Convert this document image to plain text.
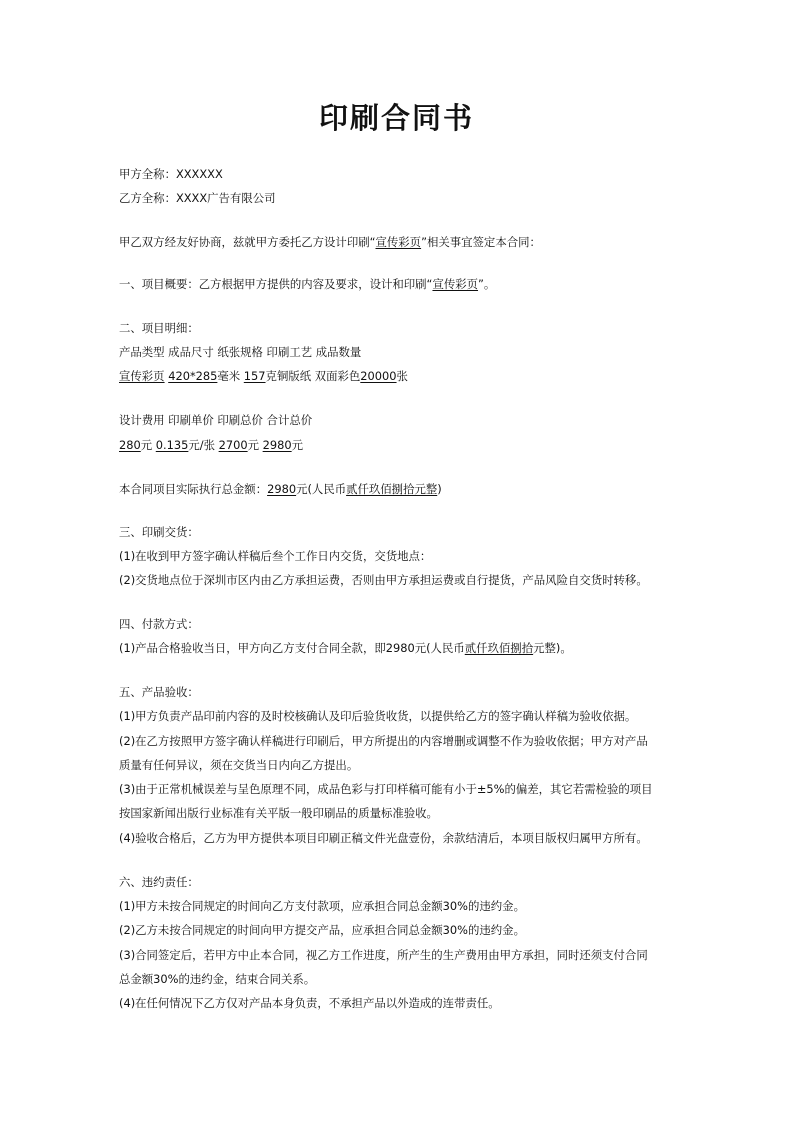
印刷合同书
甲方全称：XXXXXX
乙方全称：XXXX广告有限公司
甲乙双方经友好协商，兹就甲方委托乙方设计印刷“宣传彩页”相关事宜签定本合同：
一、项目概要：乙方根据甲方提供的内容及要求，设计和印刷“宣传彩页”。
二、项目明细：
产品类型 成品尺寸 纸张规格 印刷工艺 成品数量
宣传彩页 420*285毫米 157克铜版纸 双面彩色20000张
设计费用 印刷单价 印刷总价 合计总价
280元 0.135元/张 2700元 2980元
本合同项目实际执行总金额：2980元(人民币贰仟玖佰捌拾元整)
三、印刷交货：
(1)在收到甲方签字确认样稿后叁个工作日内交货，交货地点：
(2)交货地点位于深圳市区内由乙方承担运费，否则由甲方承担运费或自行提货，产品风险自交货时转移。
四、付款方式：
(1)产品合格验收当日，甲方向乙方支付合同全款，即2980元(人民币贰仟玖佰捌拾元整)。
五、产品验收：
(1)甲方负责产品印前内容的及时校核确认及印后验货收货，以提供给乙方的签字确认样稿为验收依据。
(2)在乙方按照甲方签字确认样稿进行印刷后，甲方所提出的内容增删或调整不作为验收依据；甲方对产品
质量有任何异议，须在交货当日内向乙方提出。
(3)由于正常机械误差与呈色原理不同，成品色彩与打印样稿可能有小于±5%的偏差，其它若需检验的项目
按国家新闻出版行业标准有关平版一般印刷品的质量标准验收。
(4)验收合格后，乙方为甲方提供本项目印刷正稿文件光盘壹份，余款结清后，本项目版权归属甲方所有。
六、违约责任：
(1)甲方未按合同规定的时间向乙方支付款项，应承担合同总金额30%的违约金。
(2)乙方未按合同规定的时间向甲方提交产品，应承担合同总金额30%的违约金。
(3)合同签定后，若甲方中止本合同，视乙方工作进度，所产生的生产费用由甲方承担，同时还须支付合同
总金额30%的违约金，结束合同关系。
(4)在任何情况下乙方仅对产品本身负责，不承担产品以外造成的连带责任。
